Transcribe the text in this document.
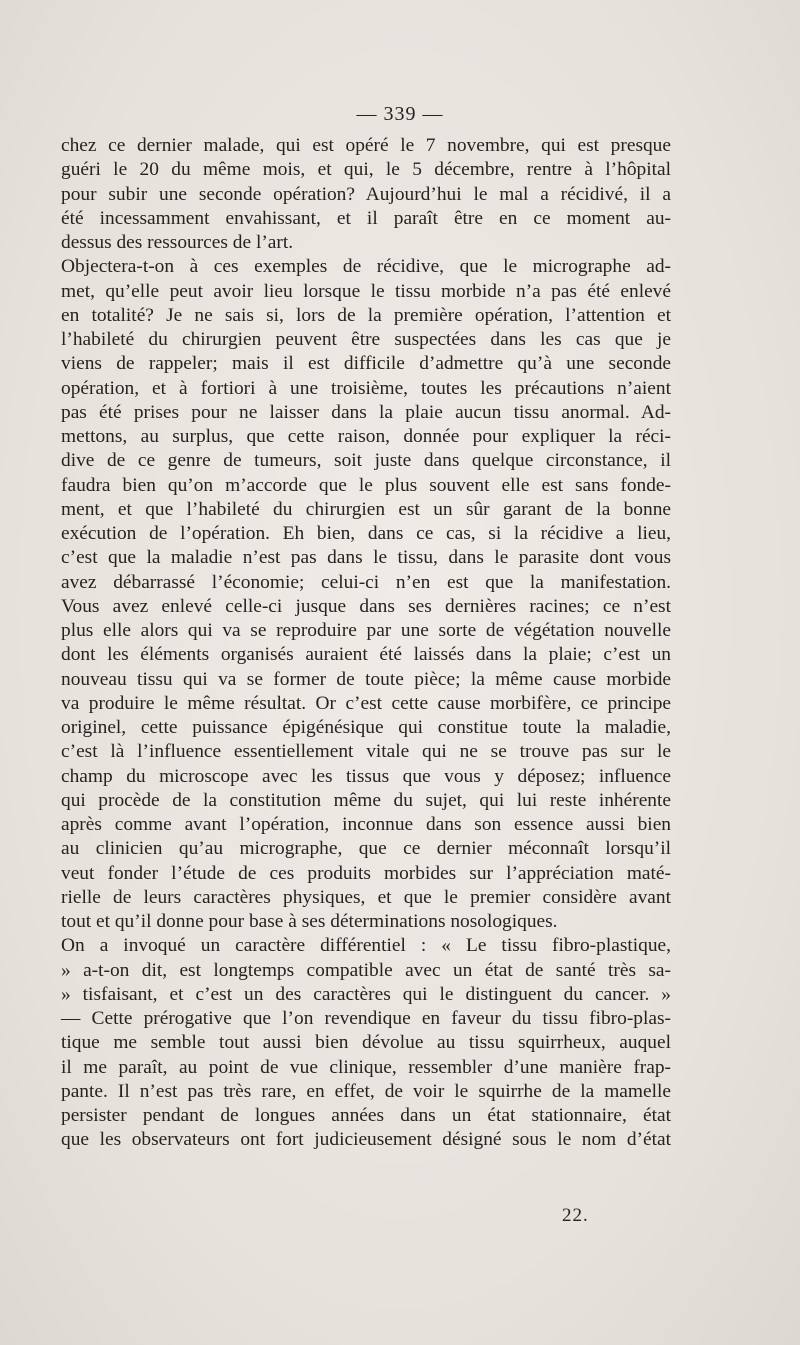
— 339 —
chez ce dernier malade, qui est opéré le 7 novembre, qui est presque
guéri le 20 du même mois, et qui, le 5 décembre, rentre à l’hôpital
pour subir une seconde opération? Aujourd’hui le mal a récidivé, il a
été incessamment envahissant, et il paraît être en ce moment au-
dessus des ressources de l’art.
Objectera-t-on à ces exemples de récidive, que le micrographe ad-
met, qu’elle peut avoir lieu lorsque le tissu morbide n’a pas été enlevé
en totalité? Je ne sais si, lors de la première opération, l’attention et
l’habileté du chirurgien peuvent être suspectées dans les cas que je
viens de rappeler; mais il est difficile d’admettre qu’à une seconde
opération, et à fortiori à une troisième, toutes les précautions n’aient
pas été prises pour ne laisser dans la plaie aucun tissu anormal. Ad-
mettons, au surplus, que cette raison, donnée pour expliquer la réci-
dive de ce genre de tumeurs, soit juste dans quelque circonstance, il
faudra bien qu’on m’accorde que le plus souvent elle est sans fonde-
ment, et que l’habileté du chirurgien est un sûr garant de la bonne
exécution de l’opération. Eh bien, dans ce cas, si la récidive a lieu,
c’est que la maladie n’est pas dans le tissu, dans le parasite dont vous
avez débarrassé l’économie; celui-ci n’en est que la manifestation.
Vous avez enlevé celle-ci jusque dans ses dernières racines; ce n’est
plus elle alors qui va se reproduire par une sorte de végétation nouvelle
dont les éléments organisés auraient été laissés dans la plaie; c’est un
nouveau tissu qui va se former de toute pièce; la même cause morbide
va produire le même résultat. Or c’est cette cause morbifère, ce principe
originel, cette puissance épigénésique qui constitue toute la maladie,
c’est là l’influence essentiellement vitale qui ne se trouve pas sur le
champ du microscope avec les tissus que vous y déposez; influence
qui procède de la constitution même du sujet, qui lui reste inhérente
après comme avant l’opération, inconnue dans son essence aussi bien
au clinicien qu’au micrographe, que ce dernier méconnaît lorsqu’il
veut fonder l’étude de ces produits morbides sur l’appréciation maté-
rielle de leurs caractères physiques, et que le premier considère avant
tout et qu’il donne pour base à ses déterminations nosologiques.
On a invoqué un caractère différentiel : « Le tissu fibro-plastique,
» a-t-on dit, est longtemps compatible avec un état de santé très sa-
» tisfaisant, et c’est un des caractères qui le distinguent du cancer. »
— Cette prérogative que l’on revendique en faveur du tissu fibro-plas-
tique me semble tout aussi bien dévolue au tissu squirrheux, auquel
il me paraît, au point de vue clinique, ressembler d’une manière frap-
pante. Il n’est pas très rare, en effet, de voir le squirrhe de la mamelle
persister pendant de longues années dans un état stationnaire, état
que les observateurs ont fort judicieusement désigné sous le nom d’état
22.
